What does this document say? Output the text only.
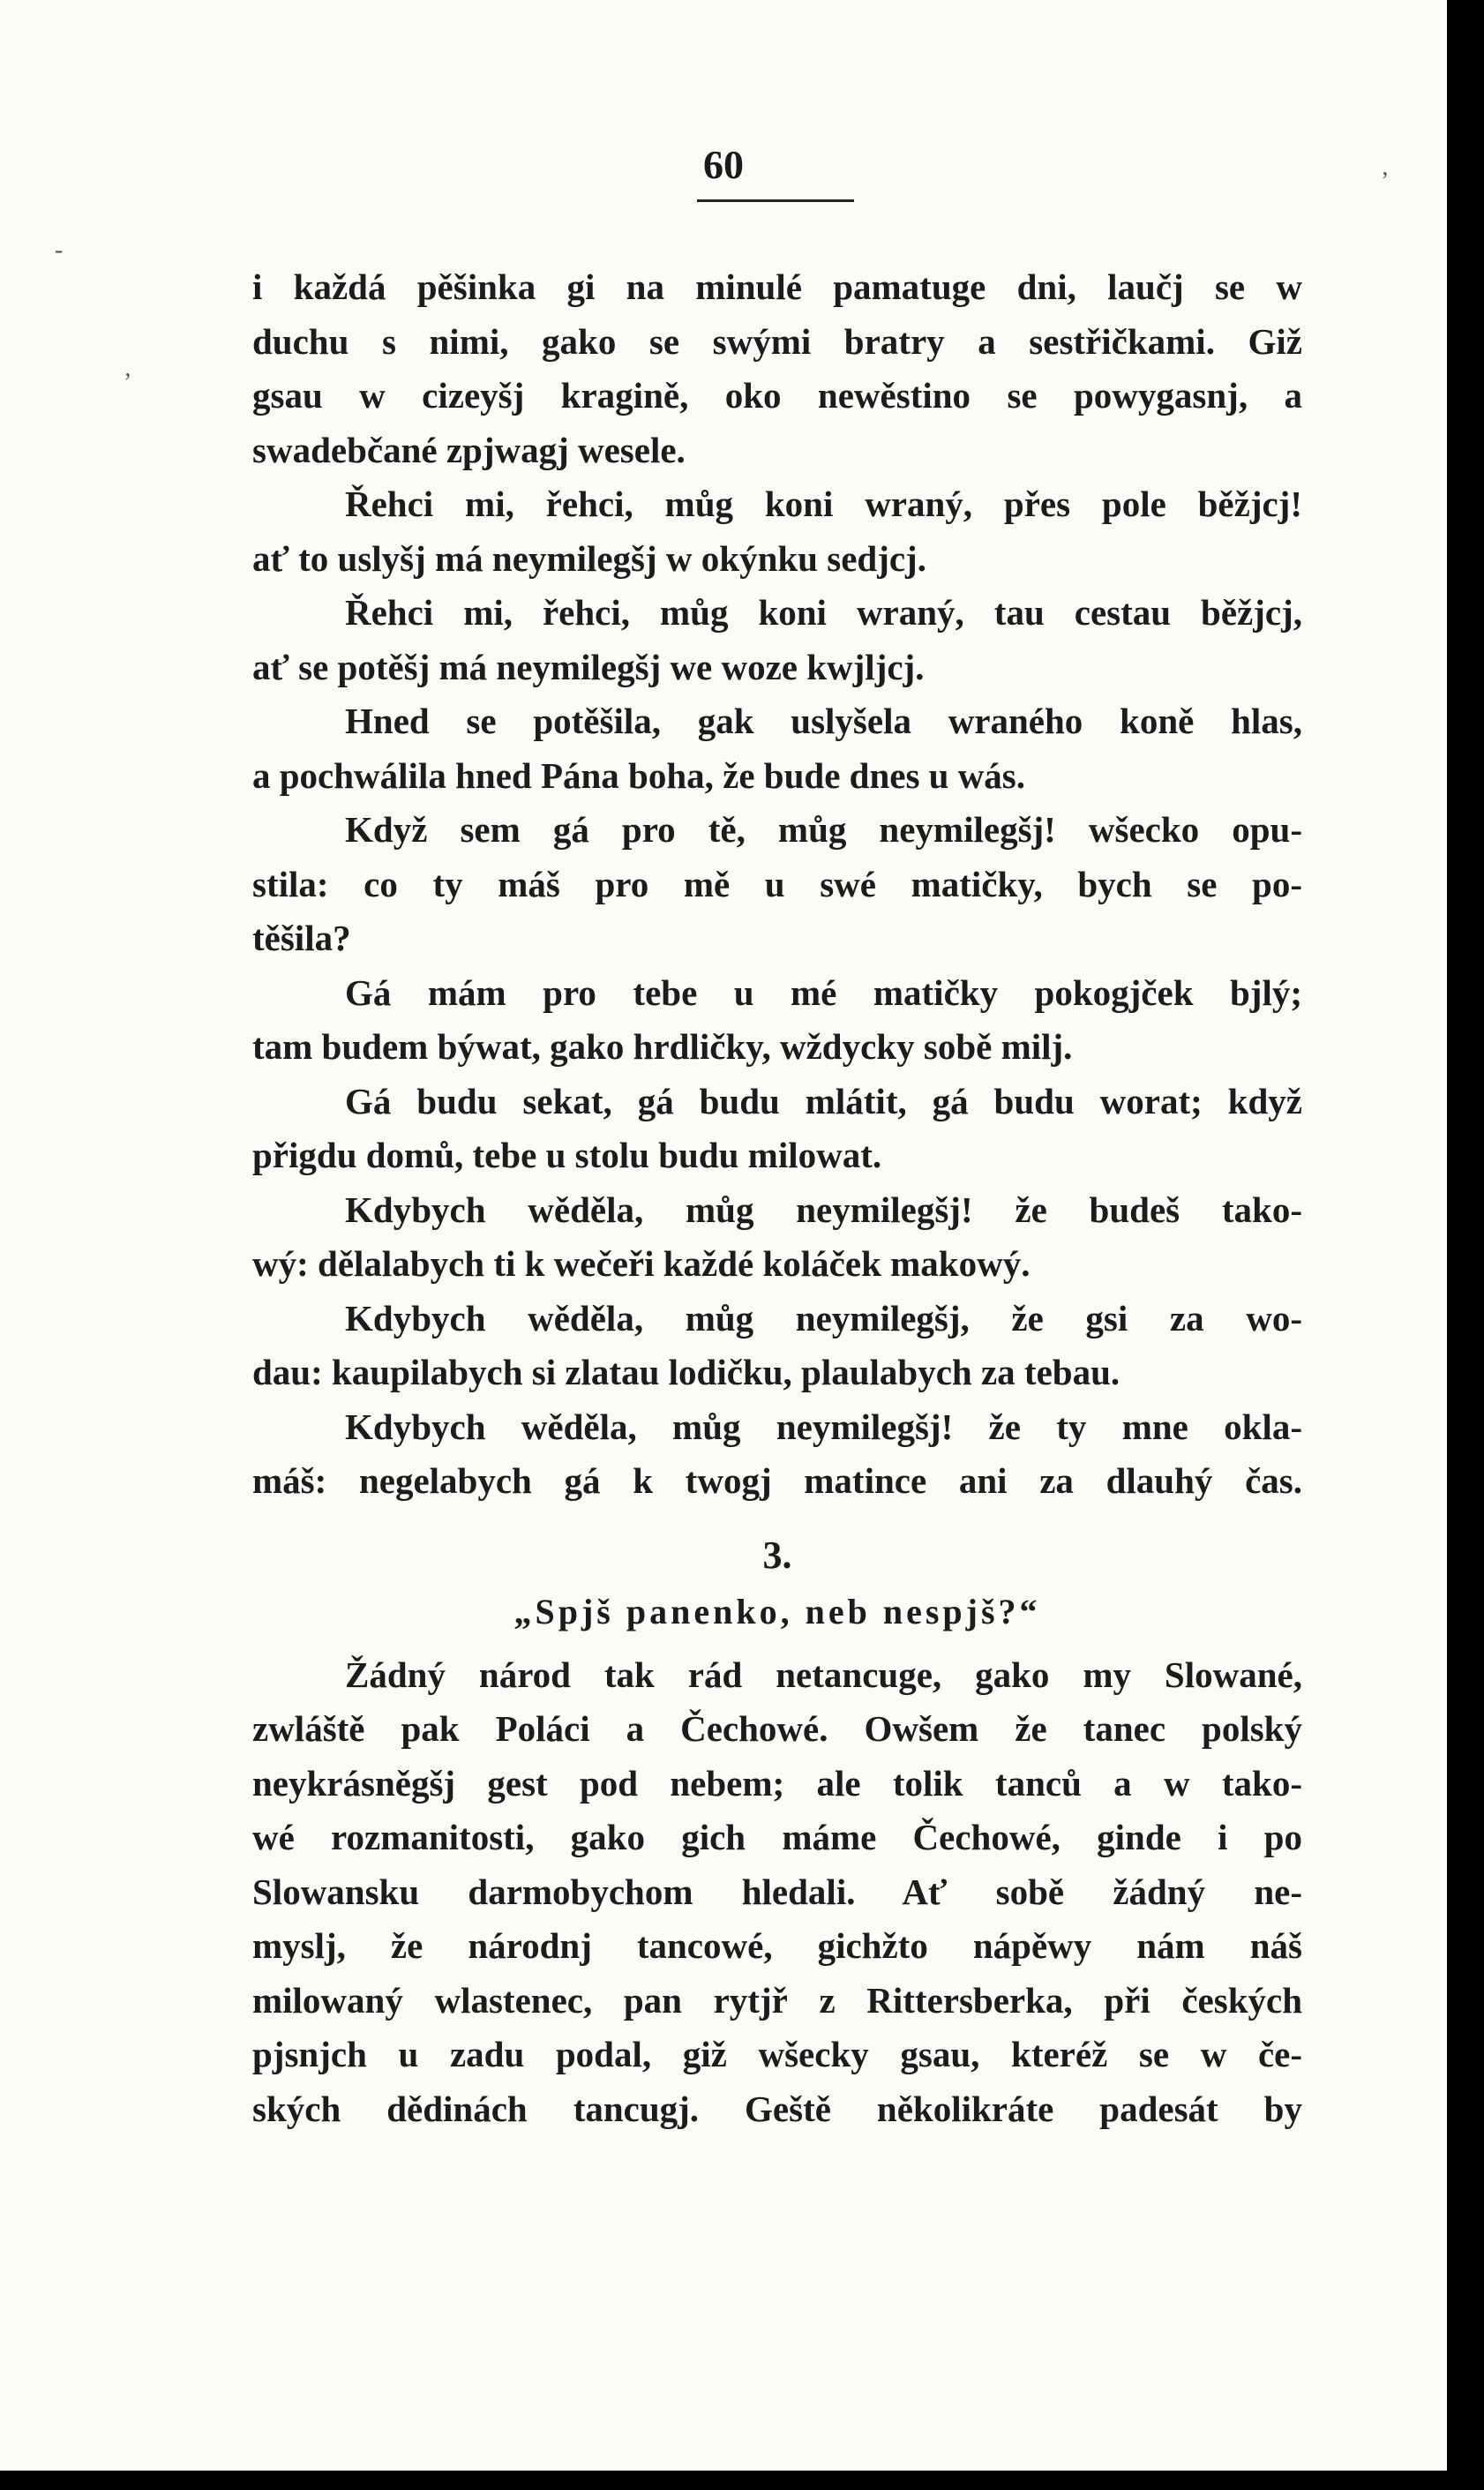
60	ʼ
-
ʼ
i každá pěšinka gi na minulé pamatuge dni, laučj se w
duchu s nimi, gako se swými bratry a sestřičkami. Giž
gsau w cizeyšj kragině, oko newěstino se powygasnj, a
swadebčané zpjwagj wesele.
Řehci mi, řehci, můg koni wraný, přes pole běžjcj!
ať to uslyšj má neymilegšj w okýnku sedjcj.
Řehci mi, řehci, můg koni wraný, tau cestau běžjcj,
ať se potěšj má neymilegšj we woze kwjljcj.
Hned se potěšila, gak uslyšela wraného koně hlas,
a pochwálila hned Pána boha, že bude dnes u wás.
Když sem gá pro tě, můg neymilegšj! wšecko opu-
stila: co ty máš pro mě u swé matičky, bych se po-
těšila?
Gá mám pro tebe u mé matičky pokogjček bjlý;
tam budem býwat, gako hrdličky, wždycky sobě milj.
Gá budu sekat, gá budu mlátit, gá budu worat; když
přigdu domů, tebe u stolu budu milowat.
Kdybych wěděla, můg neymilegšj! že budeš tako-
wý: dělalabych ti k wečeři každé koláček makowý.
Kdybych wěděla, můg neymilegšj, že gsi za wo-
dau: kaupilabych si zlatau lodičku, plaulabych za tebau.
Kdybych wěděla, můg neymilegšj! že ty mne okla-
máš: negelabych gá k twogj matince ani za dlauhý čas.
3.
„Spjš panenko, neb nespjš?“
Žádný národ tak rád netancuge, gako my Slowané,
zwláště pak Poláci a Čechowé. Owšem že tanec polský
neykrásněgšj gest pod nebem; ale tolik tanců a w tako-
wé rozmanitosti, gako gich máme Čechowé, ginde i po
Slowansku darmobychom hledali. Ať sobě žádný ne-
myslj, že národnj tancowé, gichžto nápěwy nám náš
milowaný wlastenec, pan rytjř z Rittersberka, při českých
pjsnjch u zadu podal, giž wšecky gsau, kteréž se w če-
ských dědinách tancugj. Geště několikráte padesát by
